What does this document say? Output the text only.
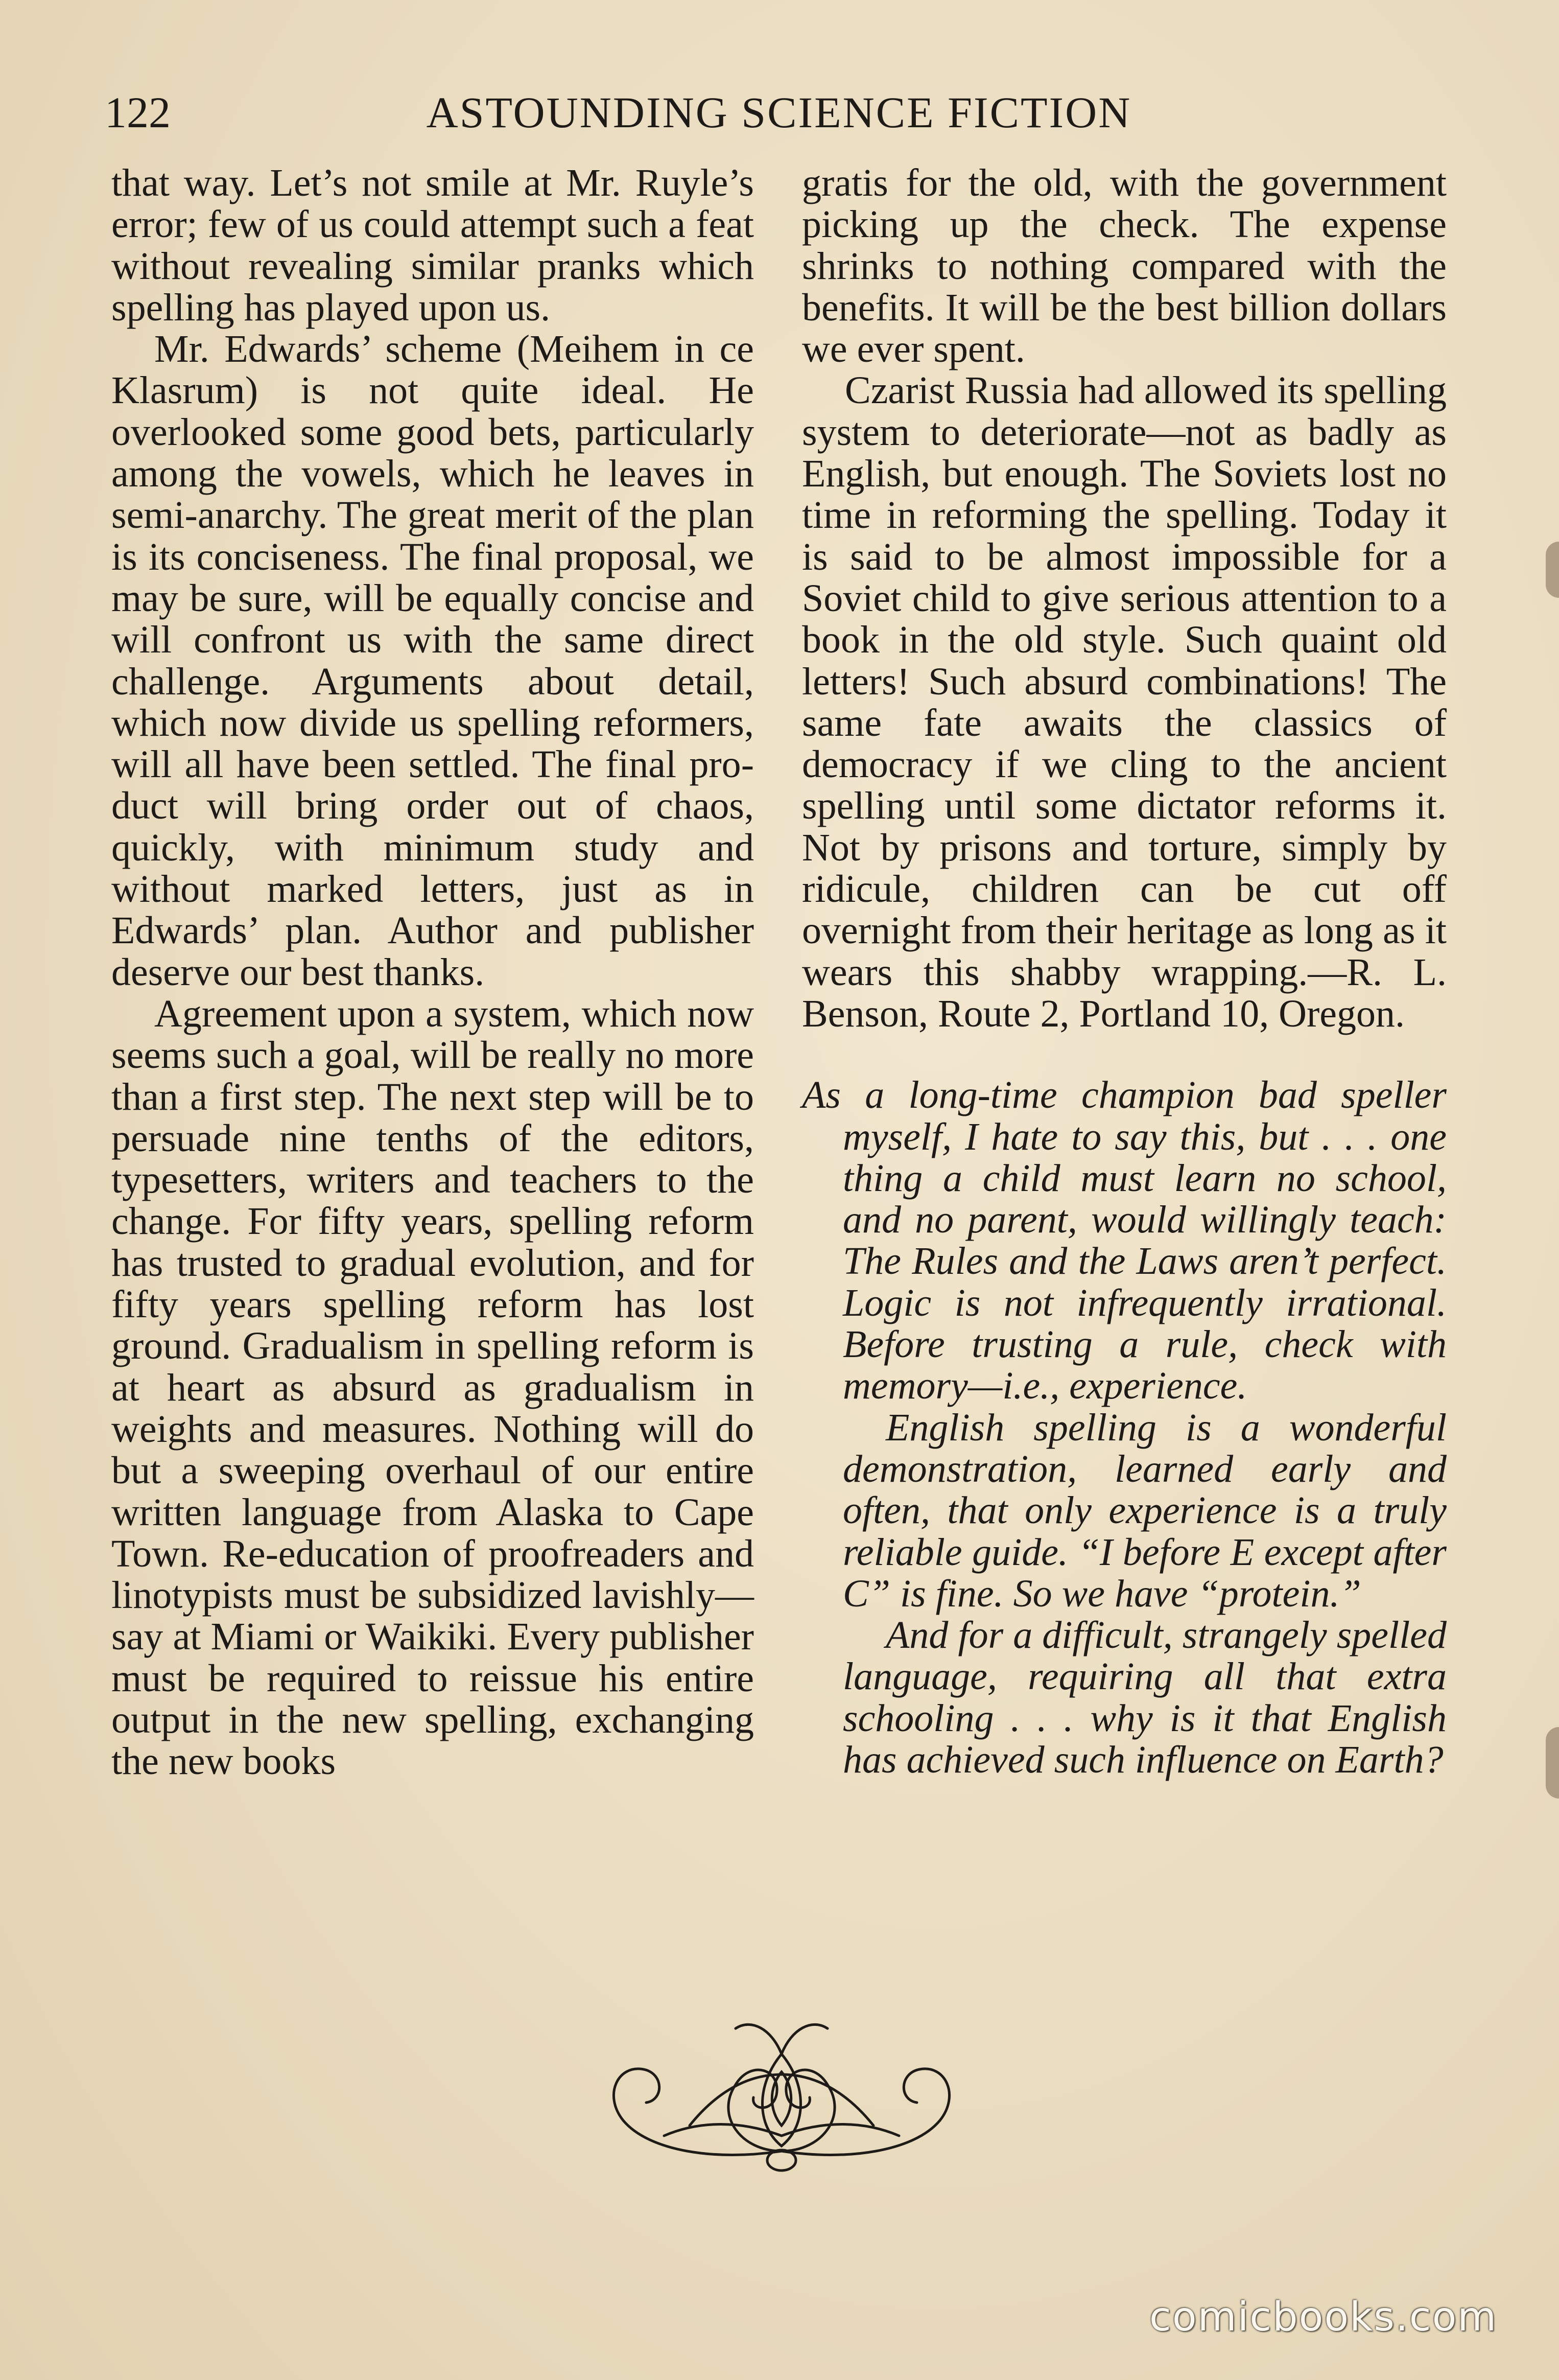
122	ASTOUNDING SCIENCE FICTION

that way. Let’s not smile at Mr. Ruyle’s error; few of us could attempt such a feat without revealing similar pranks which spelling has played upon us.

Mr. Edwards’ scheme (Meihem in ce Klasrum) is not quite ideal. He overlooked some good bets, particularly among the vowels, which he leaves in semi-anarchy. The great merit of the plan is its conciseness. The final proposal, we may be sure, will be equally concise and will confront us with the same direct challenge. Arguments about detail, which now divide us spelling reformers, will all have been settled. The final product will bring order out of chaos, quickly, with minimum study and without marked letters, just as in Edwards’ plan. Author and publisher deserve our best thanks.

Agreement upon a system, which now seems such a goal, will be really no more than a first step. The next step will be to persuade nine tenths of the editors, typesetters, writers and teachers to the change. For fifty years, spelling reform has trusted to gradual evolution, and for fifty years spelling reform has lost ground. Gradualism in spelling reform is at heart as absurd as gradualism in weights and measures. Nothing will do but a sweeping overhaul of our entire written language from Alaska to Cape Town. Re-education of proofreaders and linotypists must be subsidized lavishly—say at Miami or Waikiki. Every publisher must be required to reissue his entire output in the new spelling, exchanging the new books

gratis for the old, with the government picking up the check. The expense shrinks to nothing compared with the benefits. It will be the best billion dollars we ever spent.

Czarist Russia had allowed its spelling system to deteriorate—not as badly as English, but enough. The Soviets lost no time in reforming the spelling. Today it is said to be almost impossible for a Soviet child to give serious attention to a book in the old style. Such quaint old letters! Such absurd combinations! The same fate awaits the classics of democracy if we cling to the ancient spelling until some dictator reforms it. Not by prisons and torture, simply by ridicule, children can be cut off overnight from their heritage as long as it wears this shabby wrapping.—R. L. Benson, Route 2, Portland 10, Oregon.

As a long-time champion bad speller myself, I hate to say this, but . . . one thing a child must learn no school, and no parent, would willingly teach: The Rules and the Laws aren’t perfect. Logic is not infrequently irrational. Before trusting a rule, check with memory—i.e., experience.

English spelling is a wonderful demonstration, learned early and often, that only experience is a truly reliable guide. “I before E except after C” is fine. So we have “protein.”

And for a difficult, strangely spelled language, requiring all that extra schooling . . . why is it that English has achieved such influence on Earth?

comicbooks.com
